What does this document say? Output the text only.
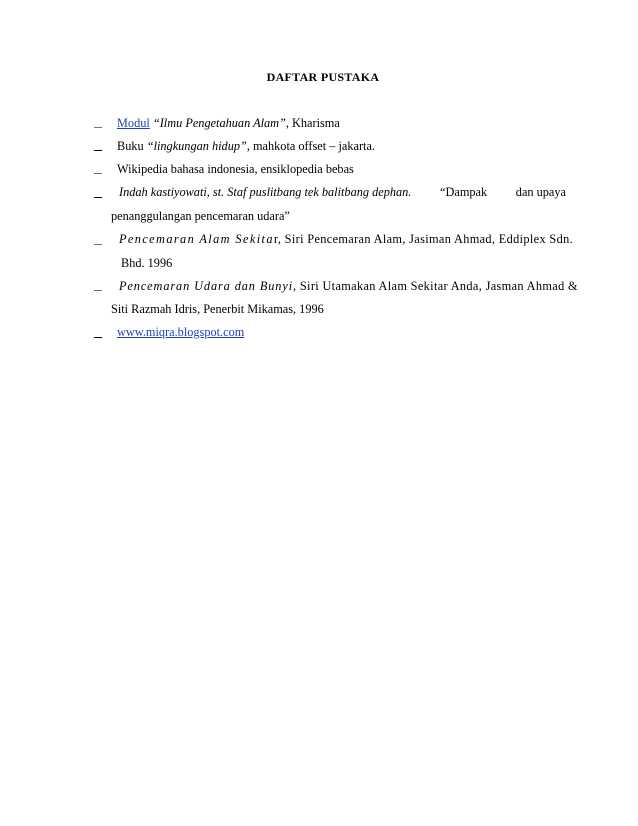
DAFTAR PUSTAKA
Modul “Ilmu Pengetahuan Alam”, Kharisma
Buku “lingkungan hidup”, mahkota offset – jakarta.
Wikipedia bahasa indonesia, ensiklopedia bebas
Indah kastiyowati, st. Staf puslitbang tek balitbang dephan. “Dampak dan upaya
penanggulangan pencemaran udara”
Pencemaran Alam Sekita r, Siri Pencemaran Alam, Jasiman Ahmad, Eddiplex Sdn.
Bhd. 1996
Pencemaran Udara dan Bunyi , Siri Utamakan Alam Sekitar Anda, Jasman Ahmad &
Siti Razmah Idris, Penerbit Mikamas, 1996
www.miqra.blogspot.com
